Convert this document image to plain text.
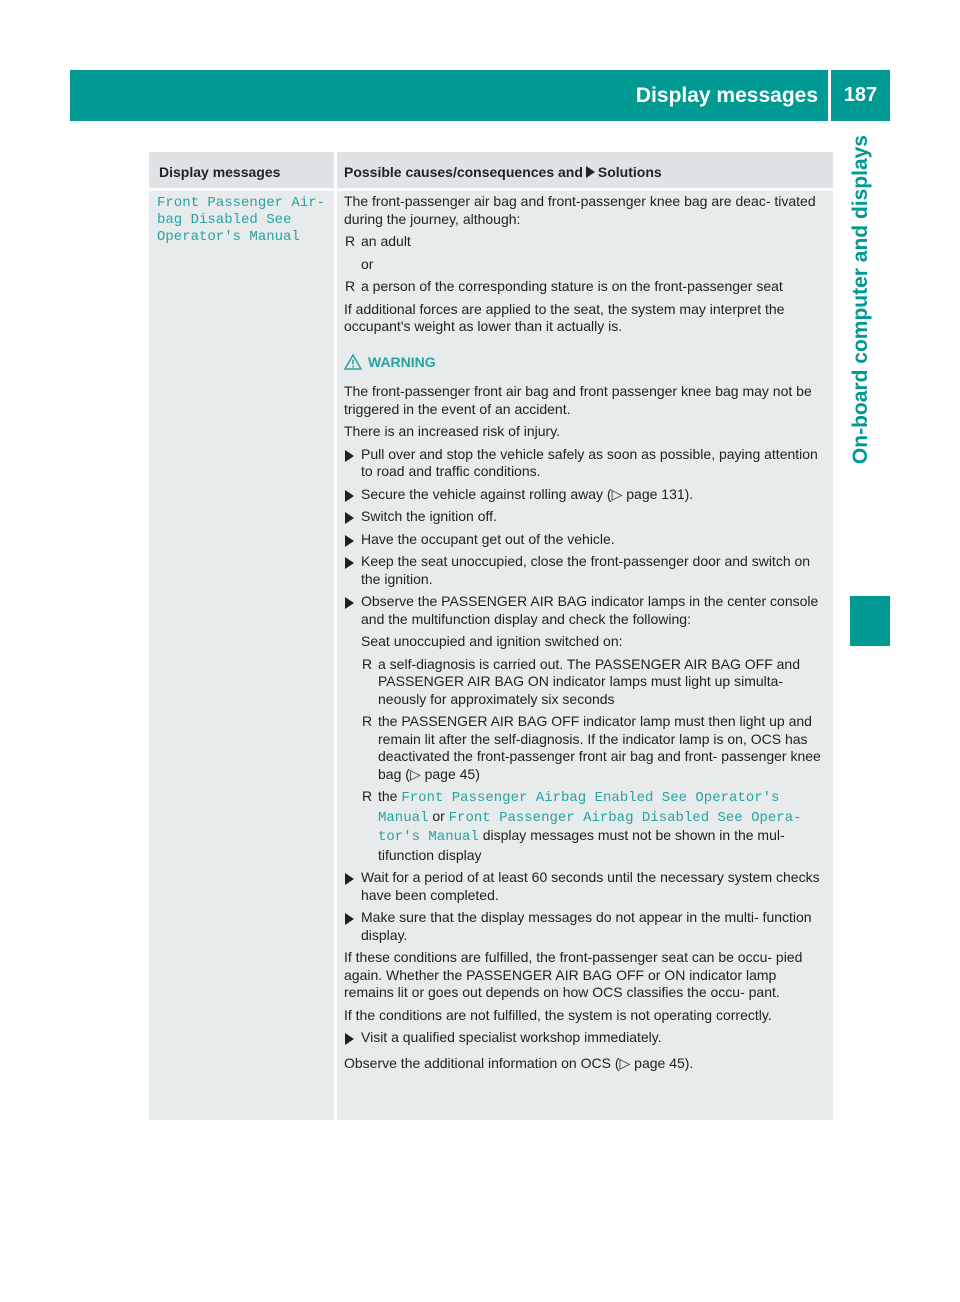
Display messages	187
On-board computer and displays
Display messages	Possible causes/consequences and Solutions
Front Passenger Air‐
bag Disabled See
Operator's Manual

The front-passenger air bag and front-passenger knee bag are deac- tivated during the journey, although:

R an adult

or

R a person of the corresponding stature is on the front-passenger seat

If additional forces are applied to the seat, the system may interpret the occupant's weight as lower than it actually is.

WARNING

The front-passenger front air bag and front passenger knee bag may not be triggered in the event of an accident.

There is an increased risk of injury.

Pull over and stop the vehicle safely as soon as possible, paying attention to road and traffic conditions.
Secure the vehicle against rolling away (▷ page 131).
Switch the ignition off.
Have the occupant get out of the vehicle.
Keep the seat unoccupied, close the front-passenger door and switch on the ignition.
Observe the PASSENGER AIR BAG indicator lamps in the center console and the multifunction display and check the following:

Seat unoccupied and ignition switched on:

R a self-diagnosis is carried out. The PASSENGER AIR BAG OFF and PASSENGER AIR BAG ON indicator lamps must light up simulta- neously for approximately six seconds
R the PASSENGER AIR BAG OFF indicator lamp must then light up and remain lit after the self-diagnosis. If the indicator lamp is on, OCS has deactivated the front-passenger front air bag and front- passenger knee bag (▷ page 45)
R the Front Passenger Airbag Enabled See Operator's Manual or Front Passenger Airbag Disabled See Opera‐ tor's Manual display messages must not be shown in the mul- tifunction display
Wait for a period of at least 60 seconds until the necessary system checks have been completed.
Make sure that the display messages do not appear in the multi- function display.

If these conditions are fulfilled, the front-passenger seat can be occu- pied again. Whether the PASSENGER AIR BAG OFF or ON indicator lamp remains lit or goes out depends on how OCS classifies the occu- pant.

If the conditions are not fulfilled, the system is not operating correctly.

Visit a qualified specialist workshop immediately.

Observe the additional information on OCS (▷ page 45).
